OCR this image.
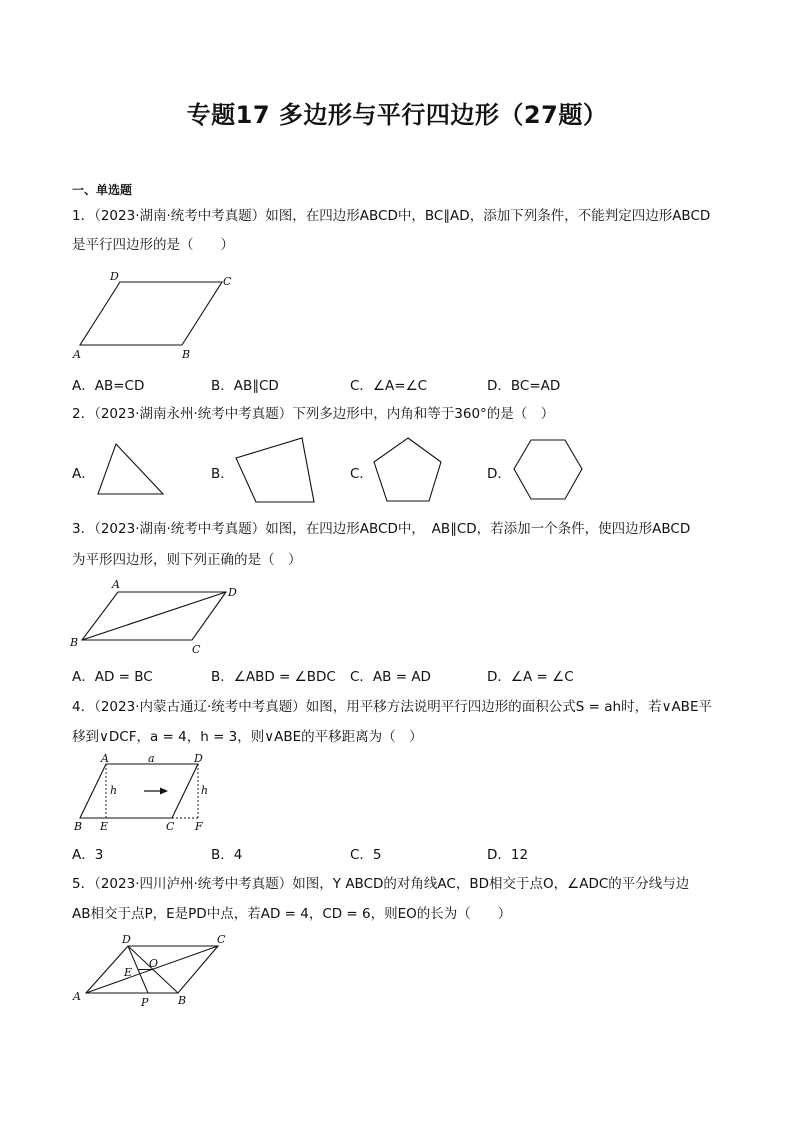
专题17 多边形与平行四边形（27题）
一、单选题
1．（2023·湖南·统考中考真题）如图，在四边形ABCD中，BC∥AD，添加下列条件，不能判定四边形ABCD
是平行四边形的是（　　）
A	B
C
D
A．AB=CD	B．AB∥CD	C．∠A=∠C	D．BC=AD
2．（2023·湖南永州·统考中考真题）下列多边形中，内角和等于360°的是（　）
A．	B．	C．	D．
3．（2023·湖南·统考中考真题）如图，在四边形ABCD中，　AB∥CD，若添加一个条件，使四边形ABCD
为平形四边形，则下列正确的是（　）
A
B
C
D
A．AD = BC	B．∠ABD = ∠BDC C．AB = AD	D．∠A = ∠C
4．（2023·内蒙古通辽·统考中考真题）如图，用平移方法说明平行四边形的面积公式S = ah时，若∨ABE平
移到∨DCF，a = 4，h = 3，则∨ABE的平移距离为（　）
A
B	C
D
E	F
a
h	h
A．3	B．4	C．5	D．12
5．（2023·四川泸州·统考中考真题）如图，Y ABCD的对角线AC，BD相交于点O，∠ADC的平分线与边
AB相交于点P，E是PD中点，若AD = 4，CD = 6，则EO的长为（　　）
A	B
C
D
E
O
P
